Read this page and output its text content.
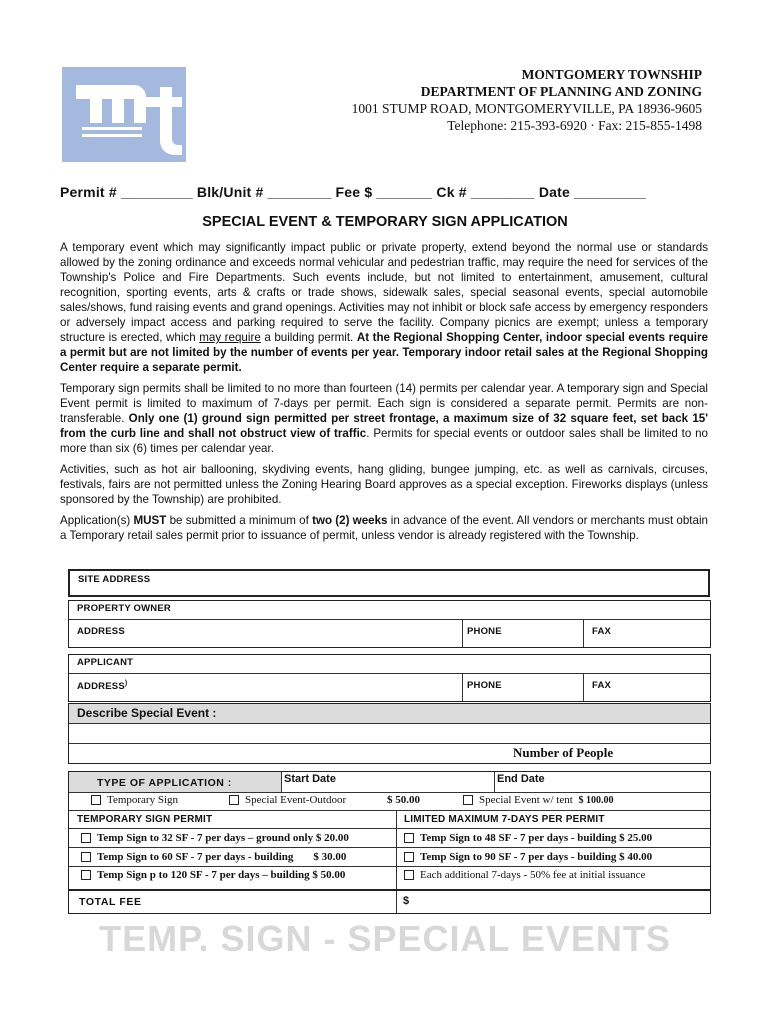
MONTGOMERY TOWNSHIP
DEPARTMENT OF PLANNING AND ZONING
1001 STUMP ROAD, MONTGOMERYVILLE, PA 18936-9605
Telephone: 215-393-6920 · Fax: 215-855-1498
Permit # _________ Blk/Unit # ________ Fee $ _______ Ck # ________ Date _________
SPECIAL EVENT & TEMPORARY SIGN APPLICATION

A temporary event which may significantly impact public or private property, extend beyond the normal use or standards allowed by the zoning ordinance and exceeds normal vehicular and pedestrian traffic, may require the need for services of the Township's Police and Fire Departments. Such events include, but not limited to entertainment, amusement, cultural recognition, sporting events, arts & crafts or trade shows, sidewalk sales, special seasonal events, special automobile sales/shows, fund raising events and grand openings. Activities may not inhibit or block safe access by emergency responders or adversely impact access and parking required to serve the facility. Company picnics are exempt; unless a temporary structure is erected, which may require a building permit. At the Regional Shopping Center, indoor special events require a permit but are not limited by the number of events per year. Temporary indoor retail sales at the Regional Shopping Center require a separate permit.

Temporary sign permits shall be limited to no more than fourteen (14) permits per calendar year. A temporary sign and Special Event permit is limited to maximum of 7-days per permit. Each sign is considered a separate permit. Permits are non-transferable. Only one (1) ground sign permitted per street frontage, a maximum size of 32 square feet, set back 15' from the curb line and shall not obstruct view of traffic. Permits for special events or outdoor sales shall be limited to no more than six (6) times per calendar year.

Activities, such as hot air ballooning, skydiving events, hang gliding, bungee jumping, etc. as well as carnivals, circuses, festivals, fairs are not permitted unless the Zoning Hearing Board approves as a special exception. Fireworks displays (unless sponsored by the Township) are prohibited.

Application(s) MUST be submitted a minimum of two (2) weeks in advance of the event. All vendors or merchants must obtain a Temporary retail sales permit prior to issuance of permit, unless vendor is already registered with the Township.

SITE ADDRESS
PROPERTY OWNER
ADDRESS	PHONE	FAX
APPLICANT
ADDRESS)	PHONE	FAX
Describe Special Event :
Number of People
TYPE OF APPLICATION :	Start Date	End Date
Temporary Sign	Special Event-Outdoor	$ 50.00	Special Event w/ tent $ 100.00
TEMPORARY SIGN PERMIT	LIMITED MAXIMUM 7-DAYS PER PERMIT
Temp Sign to 32 SF - 7 per days – ground only $ 20.00	Temp Sign to 48 SF - 7 per days - building $ 25.00
Temp Sign to 60 SF - 7 per days - building $ 30.00	Temp Sign to 90 SF - 7 per days - building $ 40.00
Temp Sign p to 120 SF - 7 per days – building $ 50.00	Each additional 7-days - 50% fee at initial issuance
TOTAL FEE	$
TEMP. SIGN - SPECIAL EVENTS
